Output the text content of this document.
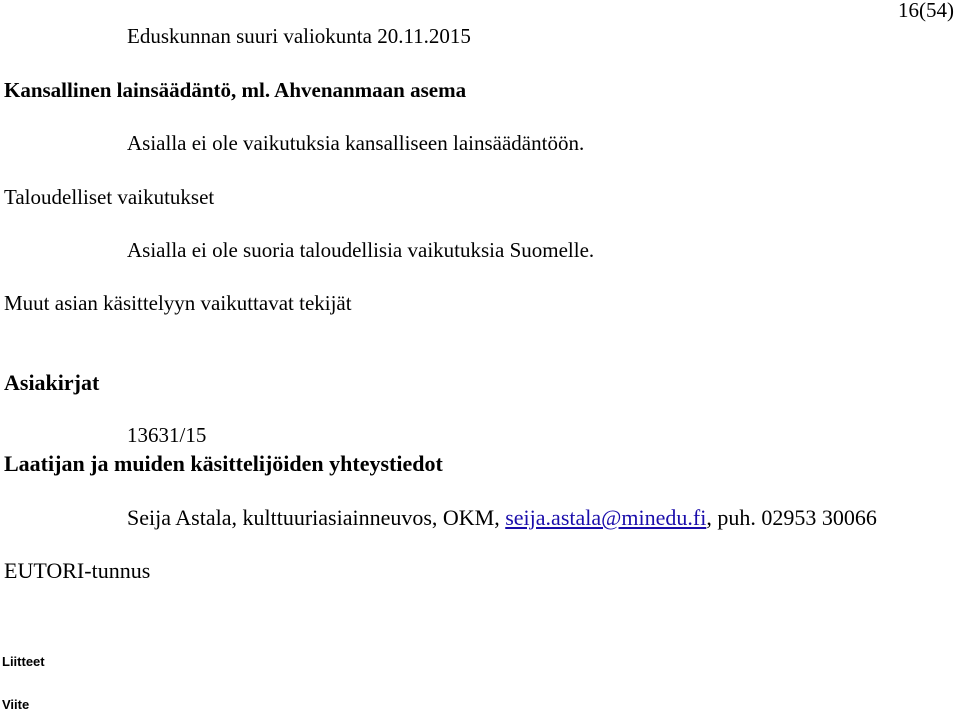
Eduskunnan suuri valiokunta 20.11.2015
16(54)
Kansallinen lainsäädäntö, ml. Ahvenanmaan asema
Asialla ei ole vaikutuksia kansalliseen lainsäädäntöön.
Taloudelliset vaikutukset
Asialla ei ole suoria taloudellisia vaikutuksia Suomelle.
Muut asian käsittelyyn vaikuttavat tekijät
Asiakirjat
13631/15
Laatijan ja muiden käsittelijöiden yhteystiedot
Seija Astala, kulttuuriasiainneuvos, OKM, seija.astala@minedu.fi, puh. 02953 30066
EUTORI-tunnus
Liitteet
Viite
